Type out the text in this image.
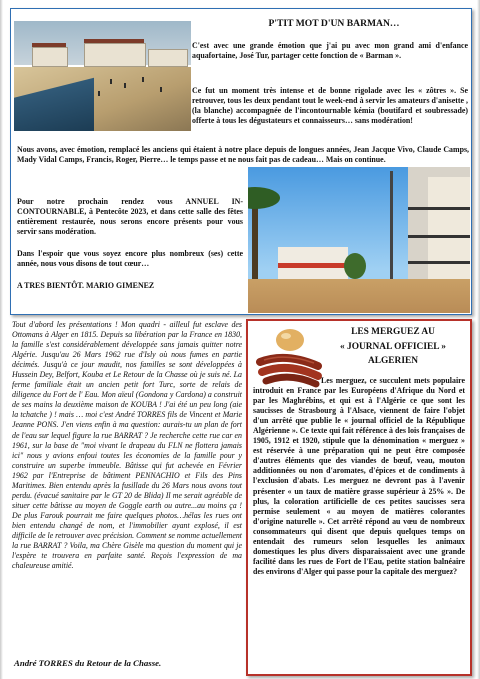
P'TIT MOT D'UN BARMAN…

C'est avec une grande émotion que j'ai pu avec mon grand ami d'enfance aquafortaine, José Tur, partager cette fonction de « Barman ».

Ce fut un moment très intense et de bonne rigolade avec les « zôtres ». Se retrouver, tous les deux pendant tout le week-end à servir les amateurs d'anisette , (la blanche) accompagnée de l'incontournable kémia (boutifard et soubressade) offerte à tous les dégustateurs et connaisseurs… sans modération!

Nous avons, avec émotion, remplacé les anciens qui étaient à notre place depuis de longues années, Jean Jacque Vivo, Claude Camps, Mady Vidal Camps, Francis, Roger, Pierre… le temps passe et ne nous fait pas de cadeau… Mais on continue.

Pour notre prochain rendez vous ANNUEL IN-CONTOURNABLE, à Pentecôte 2023, et dans cette salle des fêtes entièrement restaurée, nous serons encore présents pour vous servir sans modération.

Dans l'espoir que vous soyez encore plus nombreux (ses) cette année, nous vous disons de tout cœur…

A TRES BIENTÔT. MARIO GIMENEZ

Tout d'abord les présentations ! Mon quadri - ailleul fut esclave des Ottomans à Alger en 1815. Depuis sa libération par la France en 1830, la famille s'est considérablement développée sans jamais quitter notre Algérie. Jusqu'au 26 Mars 1962 rue d'Isly où nous fumes en partie décimés. Jusqu'à ce jour maudit, nos familles se sont développées à Hussein Dey, Belfort, Kouba et Le Retour de la Chasse où je suis né. La ferme familiale était un ancien petit fort Turc, sorte de relais de diligence du Fort de l' Eau. Mon aïeul (Gondona y Cardona) a construit de ses mains la deuxième maison de KOUBA ! J'ai été un peu long (aie la tchatche ) ! mais … moi c'est André TORRES fils de Vincent et Marie Jeanne PONS. J'en viens enfin à ma question: aurais-tu un plan de fort de l'eau sur lequel figure la rue BARRAT ? Je recherche cette rue car en 1961, sur la base de "moi vivant le drapeau du FLN ne flottera jamais ici" nous y avions enfoui toutes les économies de la famille pour y construire un superbe immeuble. Bâtisse qui fut achevée en Février 1962 par l'Entreprise de bâtiment PENNACHIO et Fils des Pins Maritimes. Bien entendu après la fusillade du 26 Mars nous avons tout perdu. (évacué sanitaire par le GT 20 de Blida) Il me serait agréable de situer cette bâtisse au moyen de Goggle earth ou autre...au moins ça ! De plus Farouk pourrait me faire quelques photos…hélas les rues ont bien entendu changé de nom, et l'immobilier ayant explosé, il est difficile de le retrouver avec précision. Comment se nomme actuellement la rue BARRAT ? Voila, ma Chère Gisèle ma question du moment qui je l'espère te trouvera en parfaite santé. Reçois l'expression de ma chaleureuse amitié.

André TORRES du Retour de la Chasse.
LES MERGUEZ AU
« JOURNAL OFFICIEL »
ALGERIEN

Les merguez, ce succulent mets populaire introduit en France par les Européens d'Afrique du Nord et par les Maghrébins, et qui est à l'Algérie ce que sont les saucisses de Strasbourg à l'Alsace, viennent de faire l'objet d'un arrêté que publie le « journal officiel de la République Algérienne ». Ce texte qui fait référence à des lois françaises de 1905, 1912 et 1920, stipule que la dénomination « merguez » est réservée à une préparation qui ne peut être composée d'autres éléments que des viandes de bœuf, veau, mouton additionnées ou non d'aromates, d'épices et de condiments à l'exclusion d'abats. Les merguez ne devront pas à l'avenir présenter « un taux de matière grasse supérieur à 25% ». De plus, la coloration artificielle de ces petites saucisses sera permise seulement « au moyen de matières colorantes d'origine naturelle ». Cet arrêté répond au vœu de nombreux consommateurs qui disent que depuis quelques temps on entendait des rumeurs selon lesquelles les animaux domestiques les plus divers disparaissaient avec une grande facilité dans les rues de Fort de l'Eau, petite station balnéaire des environs d'Alger qui passe pour la capitale des merguez?
